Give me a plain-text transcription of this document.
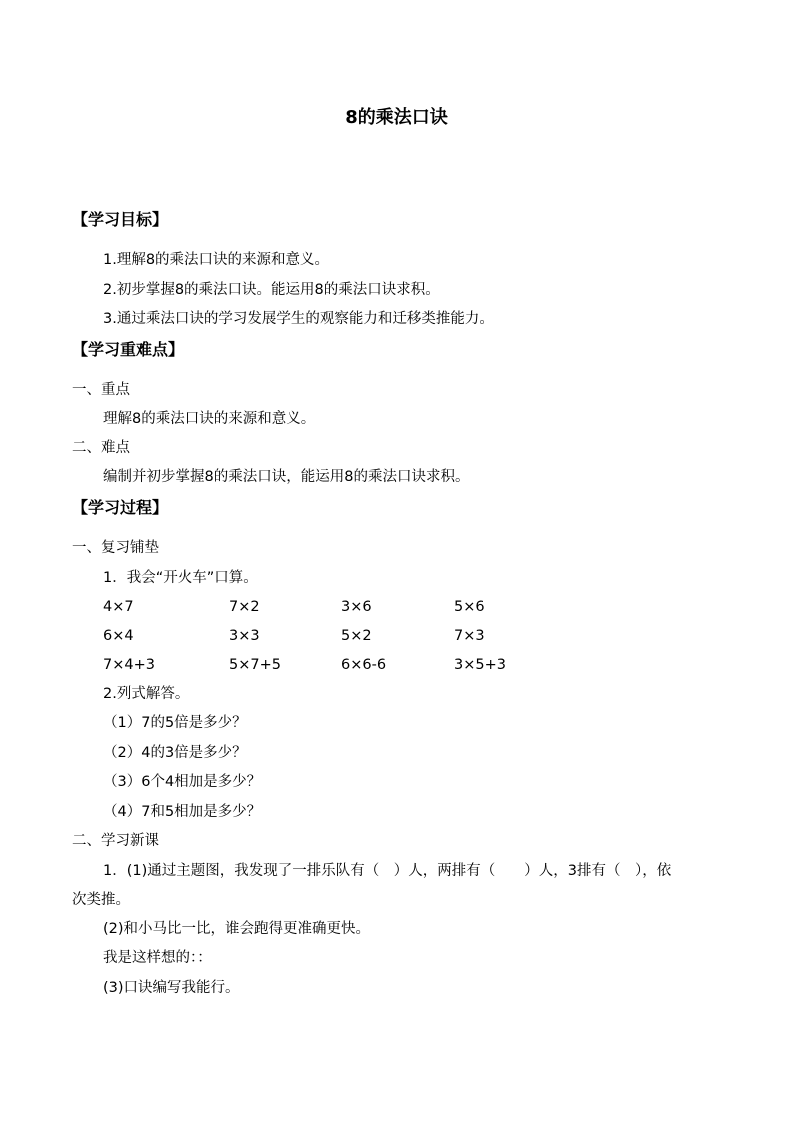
8的乘法口诀
【学习目标】
1.理解8的乘法口诀的来源和意义。
2.初步掌握8的乘法口诀。能运用8的乘法口诀求积。
3.通过乘法口诀的学习发展学生的观察能力和迁移类推能力。
【学习重难点】
一、重点
理解8的乘法口诀的来源和意义。
二、难点
编制并初步掌握8的乘法口诀，能运用8的乘法口诀求积。
【学习过程】
一、复习铺垫
1．我会“开火车”口算。
4×7	7×2	3×6	5×6
6×4	3×3	5×2	7×3
7×4+3	5×7+5	6×6-6	3×5+3
2.列式解答。
（1）7的5倍是多少？
（2）4的3倍是多少？
（3）6个4相加是多少？
（4）7和5相加是多少？
二、学习新课
1．(1)通过主题图，我发现了一排乐队有（　）人，两排有（　　）人，3排有（　），依
次类推。
(2)和小马比一比，谁会跑得更准确更快。
我是这样想的：：
(3)口诀编写我能行。
